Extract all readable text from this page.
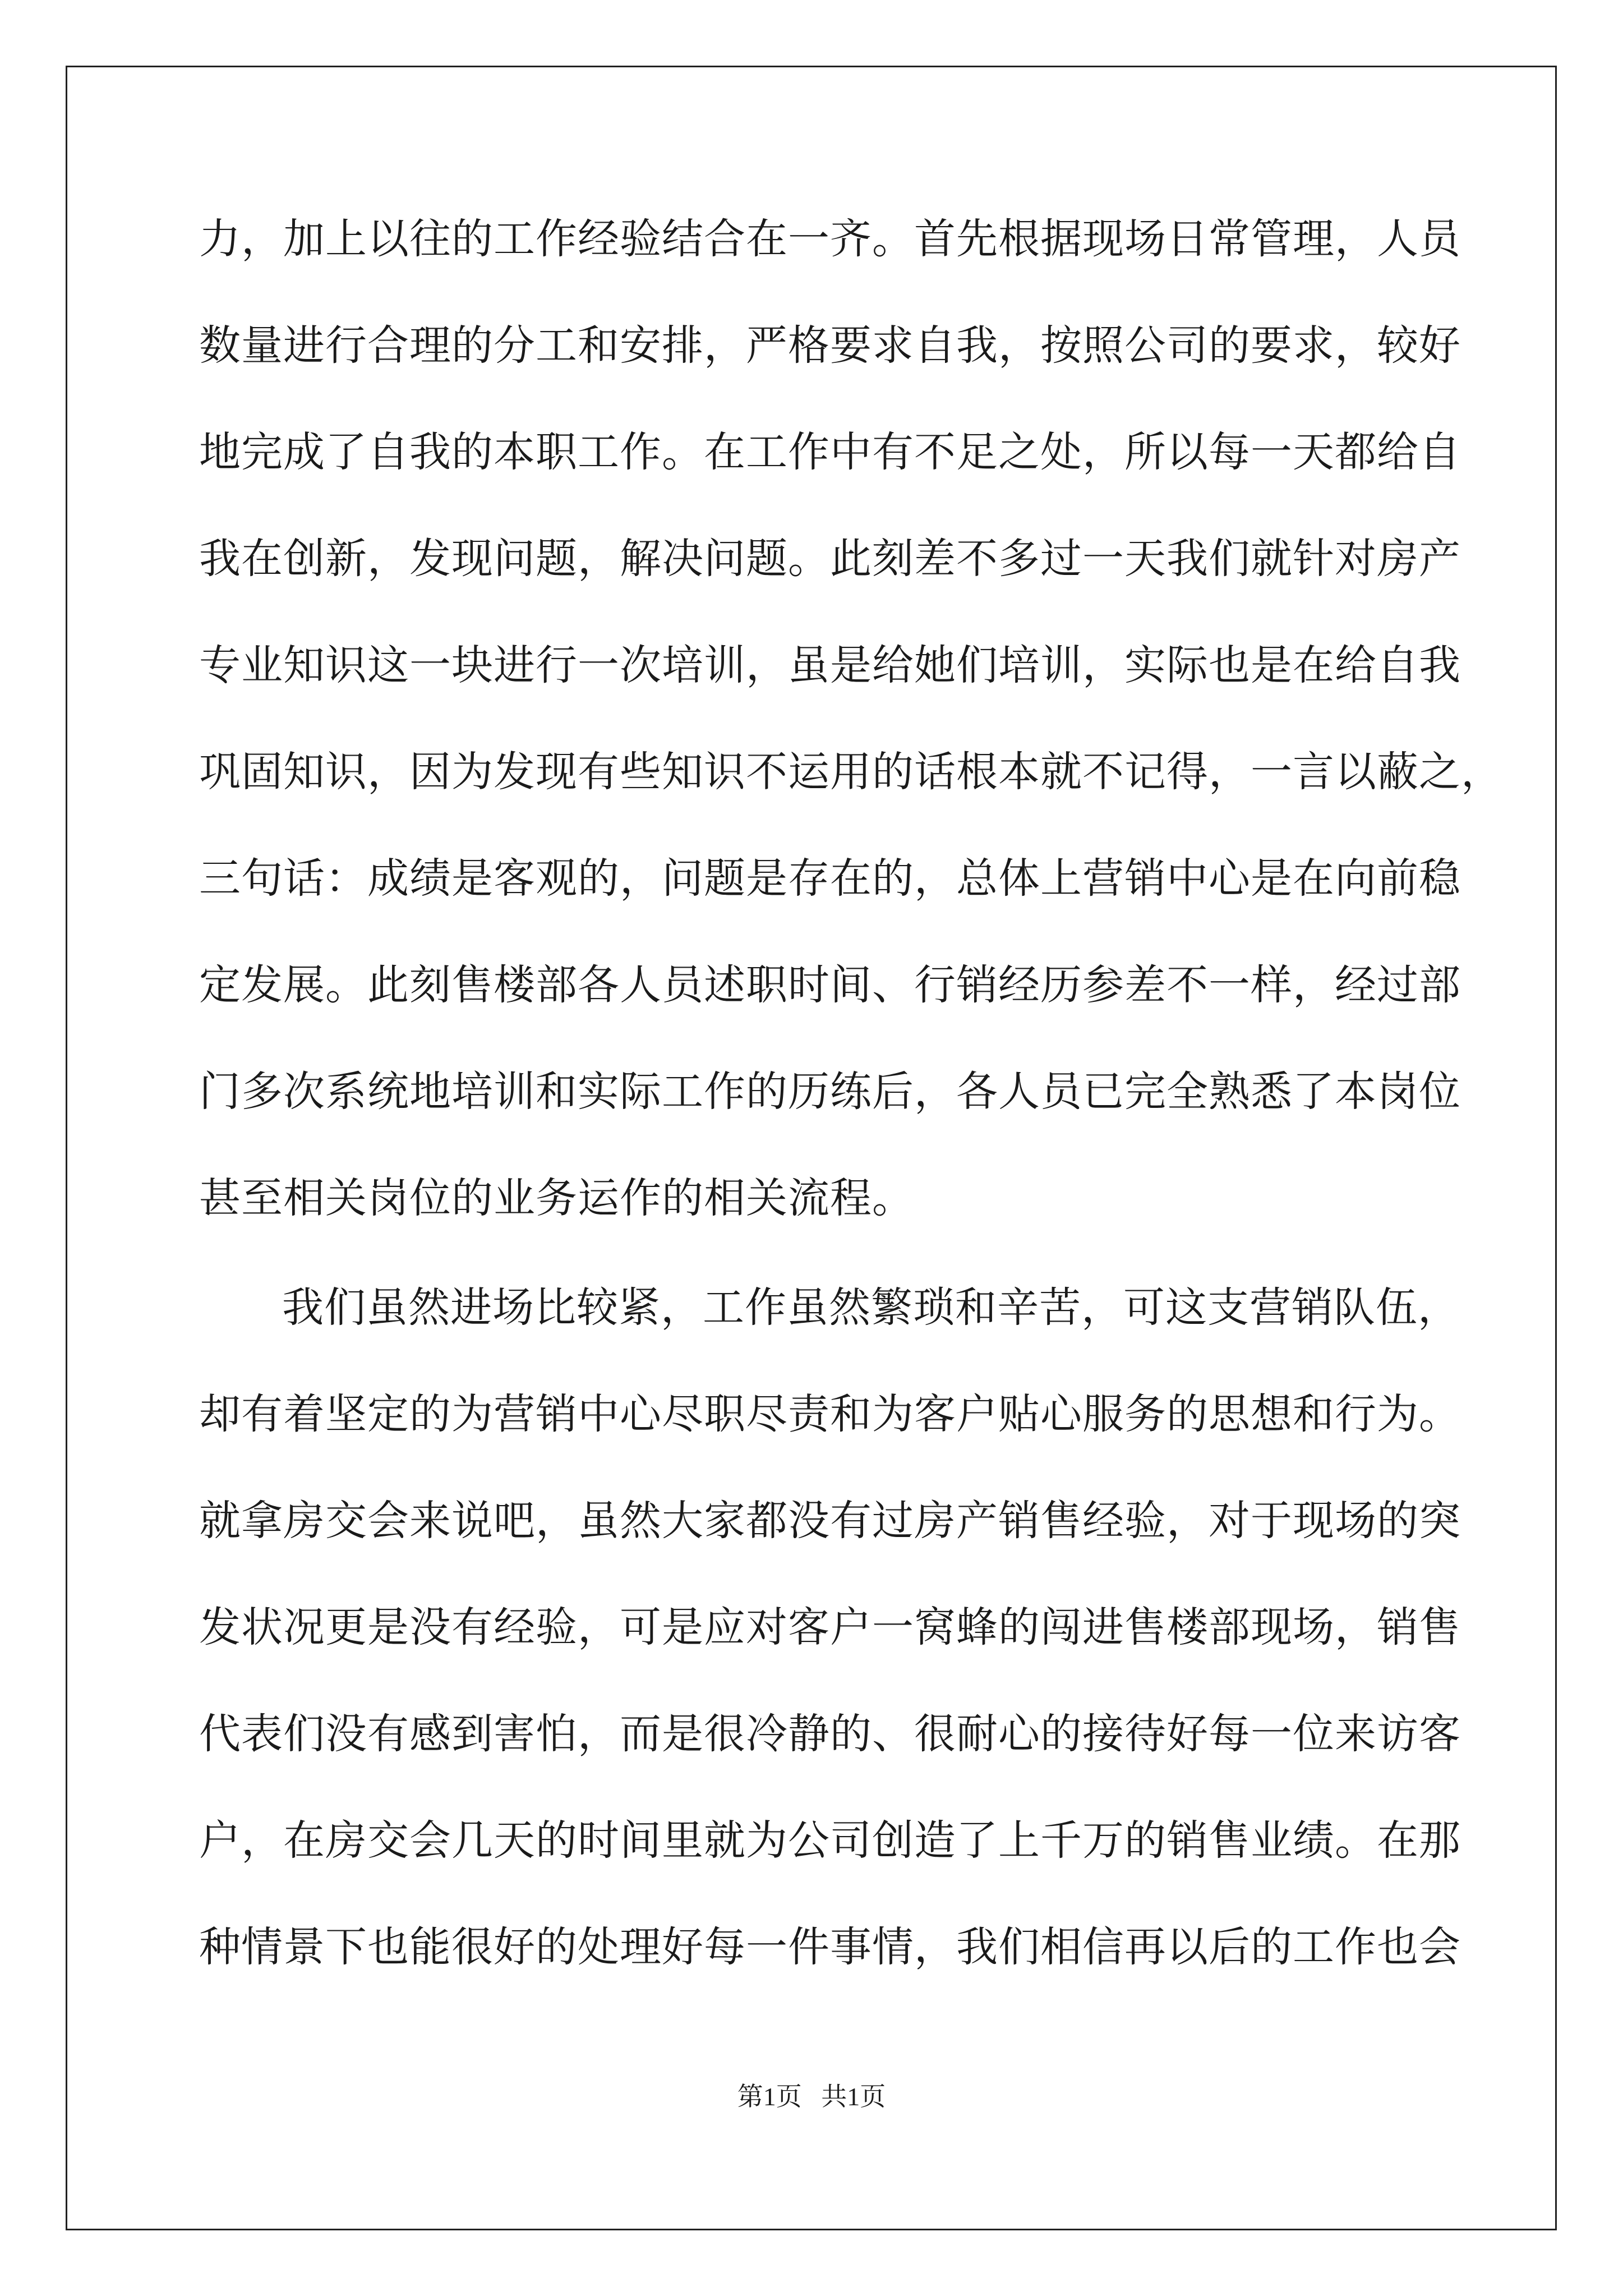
力，加上以往的工作经验结合在一齐。首先根据现场日常管理，人员
数量进行合理的分工和安排，严格要求自我，按照公司的要求，较好
地完成了自我的本职工作。在工作中有不足之处，所以每一天都给自
我在创新，发现问题，解决问题。此刻差不多过一天我们就针对房产
专业知识这一块进行一次培训，虽是给她们培训，实际也是在给自我
巩固知识，因为发现有些知识不运用的话根本就不记得，一言以蔽之，
三句话：成绩是客观的，问题是存在的，总体上营销中心是在向前稳
定发展。此刻售楼部各人员述职时间、行销经历参差不一样，经过部
门多次系统地培训和实际工作的历练后，各人员已完全熟悉了本岗位
甚至相关岗位的业务运作的相关流程。
我们虽然进场比较紧，工作虽然繁琐和辛苦，可这支营销队伍，
却有着坚定的为营销中心尽职尽责和为客户贴心服务的思想和行为。
就拿房交会来说吧，虽然大家都没有过房产销售经验，对于现场的突
发状况更是没有经验，可是应对客户一窝蜂的闯进售楼部现场，销售
代表们没有感到害怕，而是很冷静的、很耐心的接待好每一位来访客
户，在房交会几天的时间里就为公司创造了上千万的销售业绩。在那
种情景下也能很好的处理好每一件事情，我们相信再以后的工作也会
第1页 共1页
